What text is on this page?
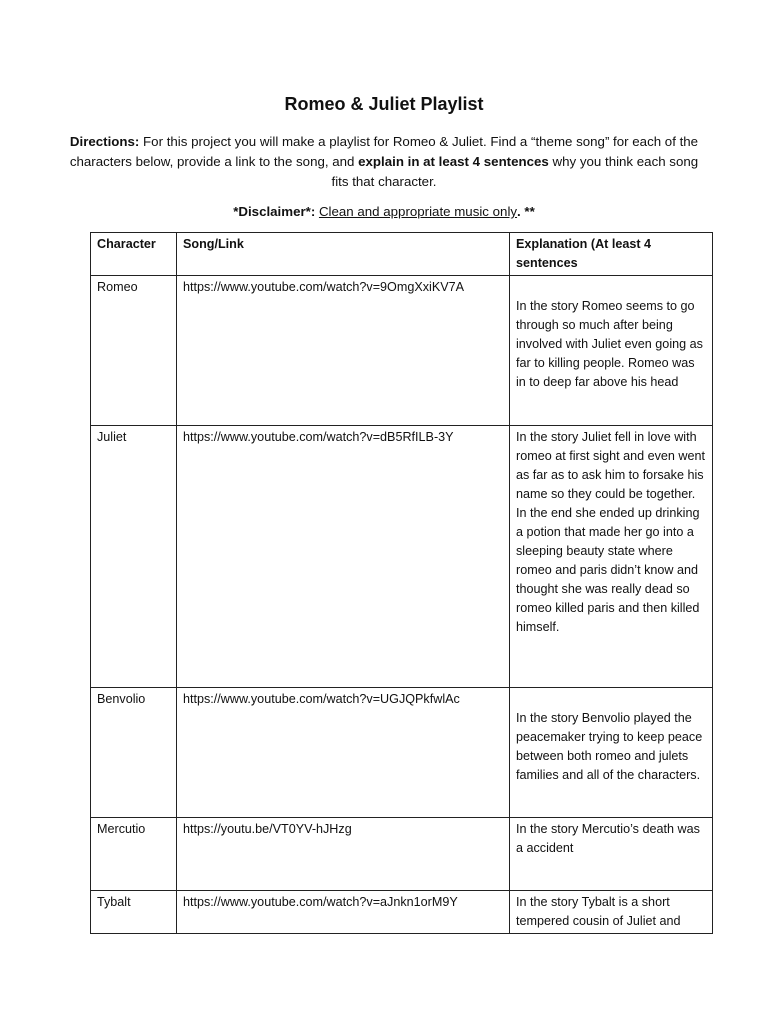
Romeo & Juliet Playlist
Directions: For this project you will make a playlist for Romeo & Juliet. Find a “theme song” for each of the characters below, provide a link to the song, and explain in at least 4 sentences why you think each song fits that character.
*Disclaimer*: Clean and appropriate music only. **
Character	Song/Link	Explanation (At least 4 sentences
Romeo	https://www.youtube.com/watch?v=9OmgXxiKV7A	In the story Romeo seems to go through so much after being involved with Juliet even going as far to killing people. Romeo was in to deep far above his head
Juliet	https://www.youtube.com/watch?v=dB5RfILB-3Y	In the story Juliet fell in love with romeo at first sight and even went as far as to ask him to forsake his name so they could be together. In the end she ended up drinking a potion that made her go into a sleeping beauty state where romeo and paris didn’t know and thought she was really dead so romeo killed paris and then killed himself.
Benvolio	https://www.youtube.com/watch?v=UGJQPkfwlAc	In the story Benvolio played the peacemaker trying to keep peace between both romeo and julets families and all of the characters.
Mercutio	https://youtu.be/VT0YV-hJHzg	In the story Mercutio’s death was a accident
Tybalt	https://www.youtube.com/watch?v=aJnkn1orM9Y	In the story Tybalt is a short tempered cousin of Juliet and
